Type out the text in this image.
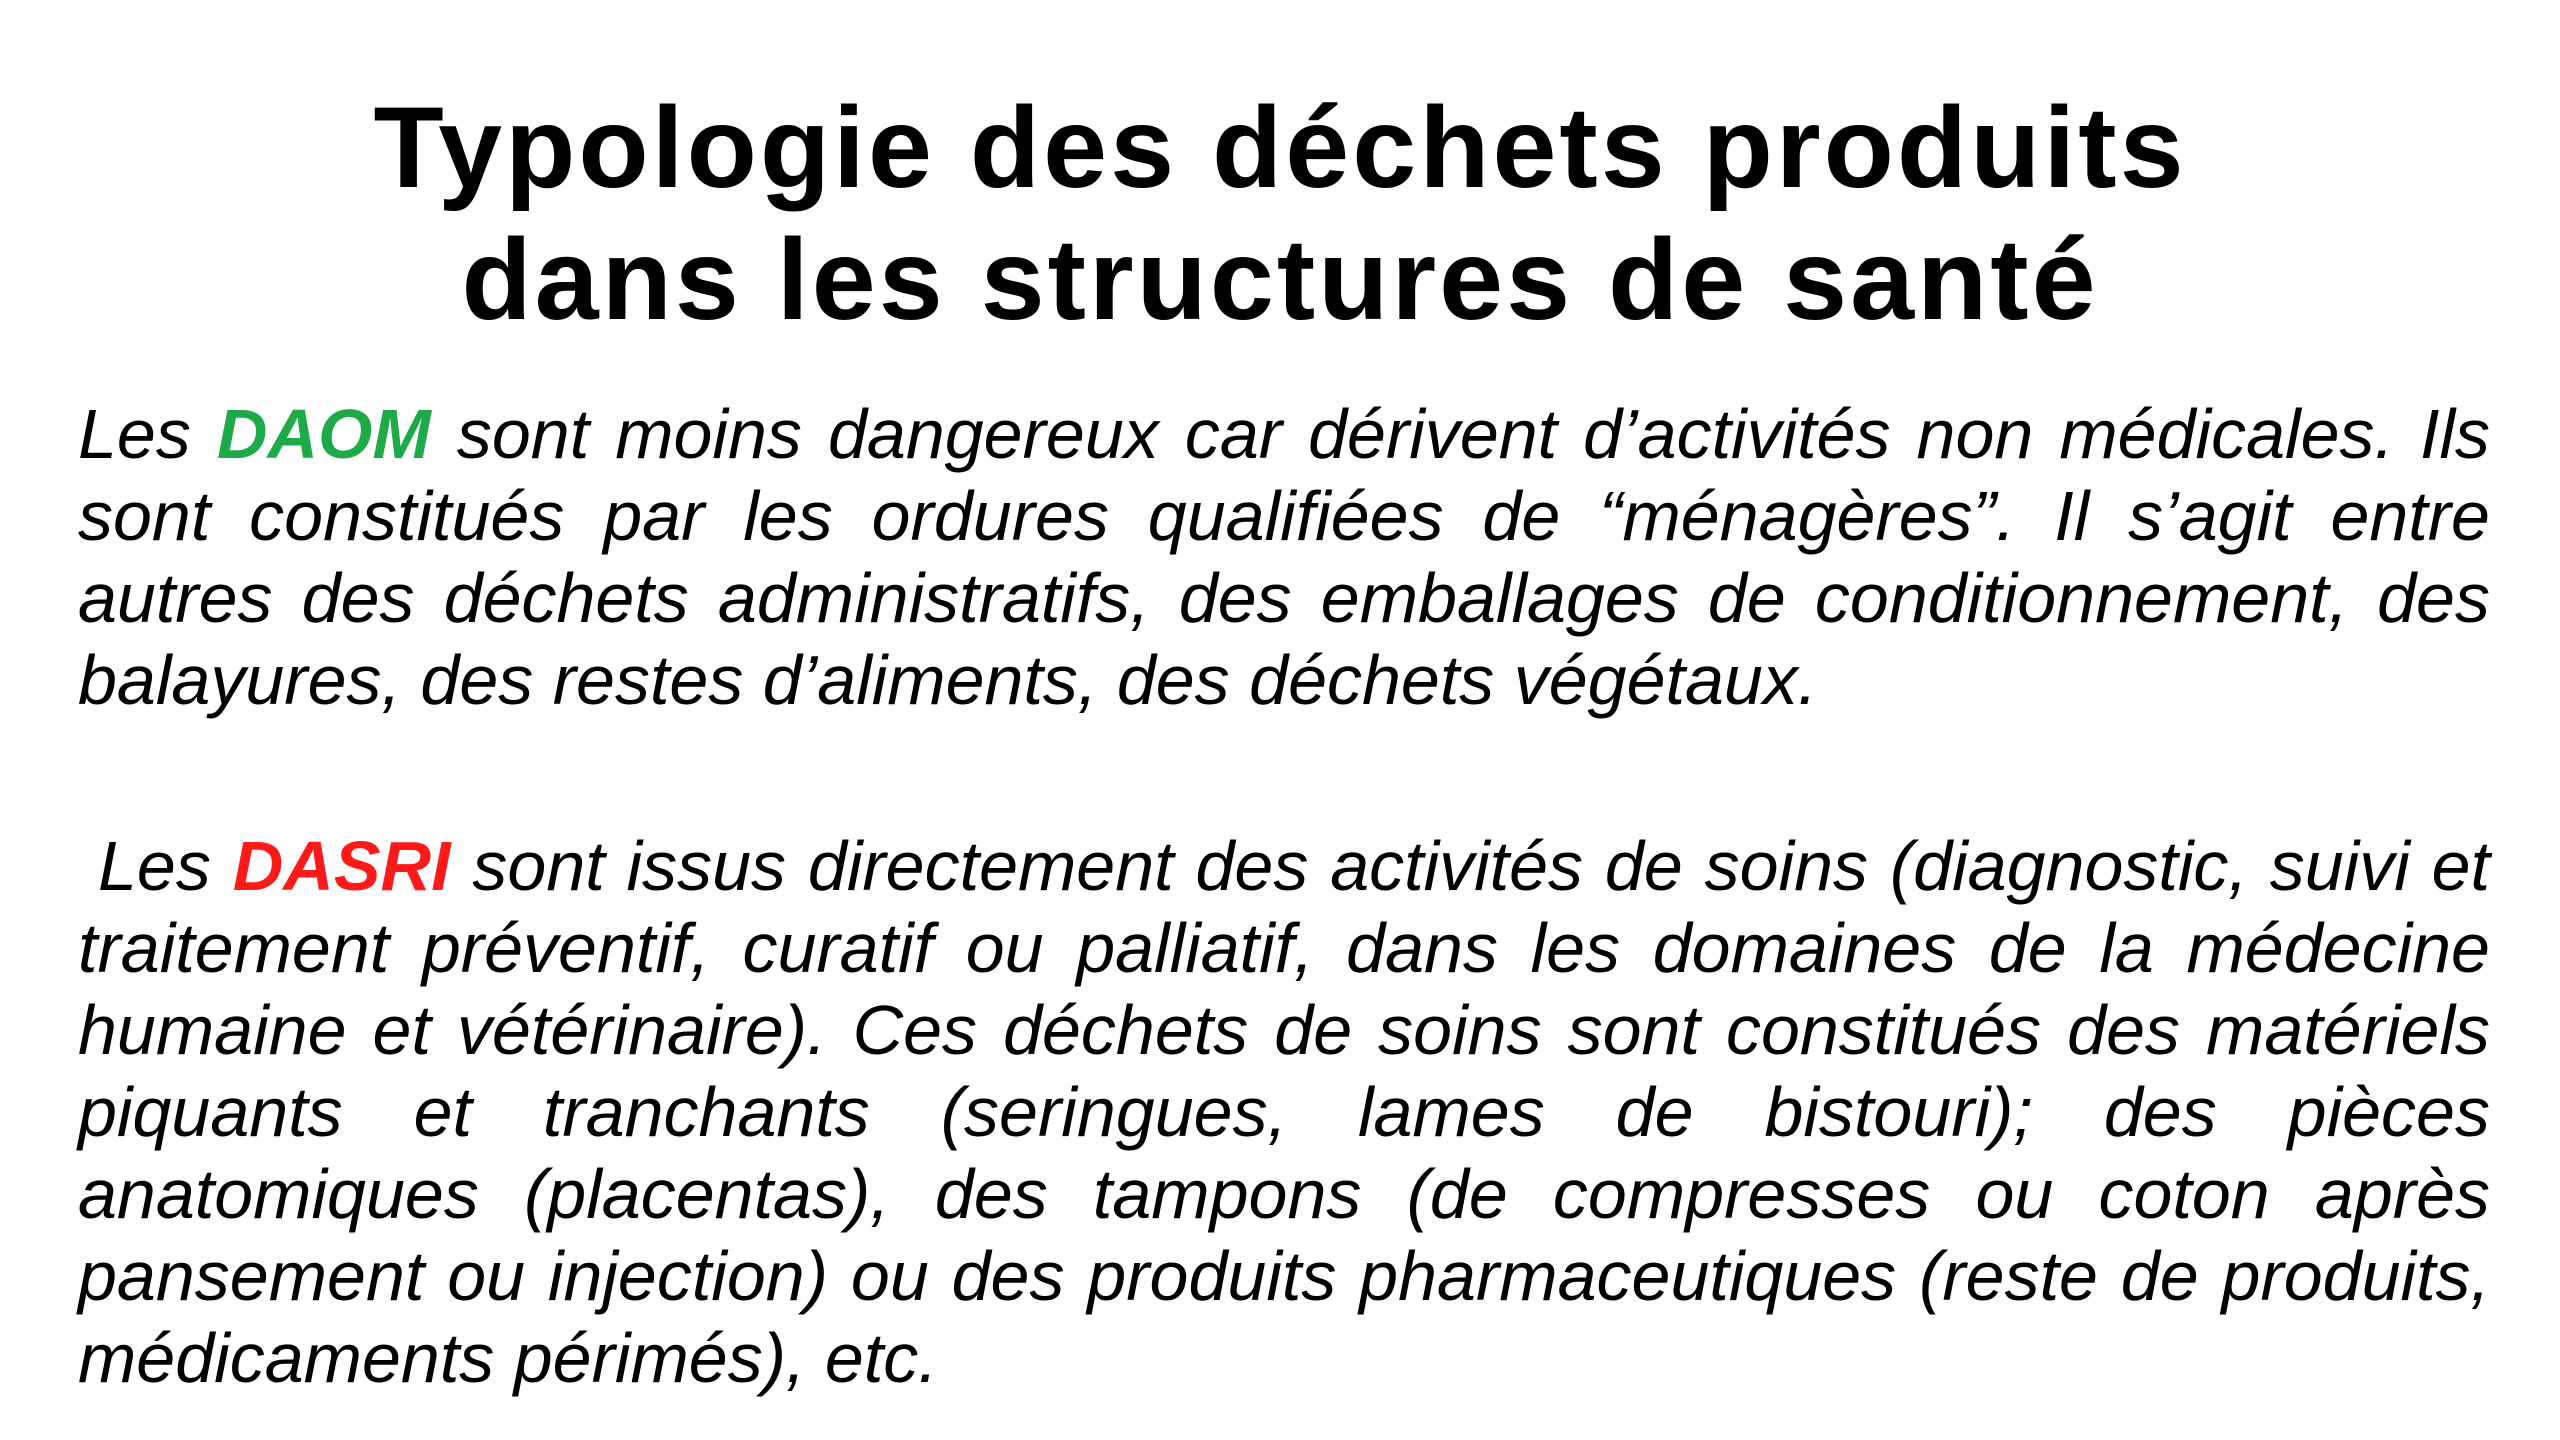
Typologie des déchets produits
dans les structures de santé

Les DAOM sont moins dangereux car dérivent d’activités non médicales. Ils sont constitués par les ordures qualifiées de “ménagères”. Il s’agit entre autres des déchets administratifs, des emballages de conditionnement, des balayures, des restes d’aliments, des déchets végétaux.

Les DASRI sont issus directement des activités de soins (diagnostic, suivi et traitement préventif, curatif ou palliatif, dans les domaines de la médecine humaine et vétérinaire). Ces déchets de soins sont constitués des matériels piquants et tranchants (seringues, lames de bistouri); des pièces anatomiques (placentas), des tampons (de compresses ou coton après pansement ou injection) ou des produits pharmaceutiques (reste de produits, médicaments périmés), etc.
